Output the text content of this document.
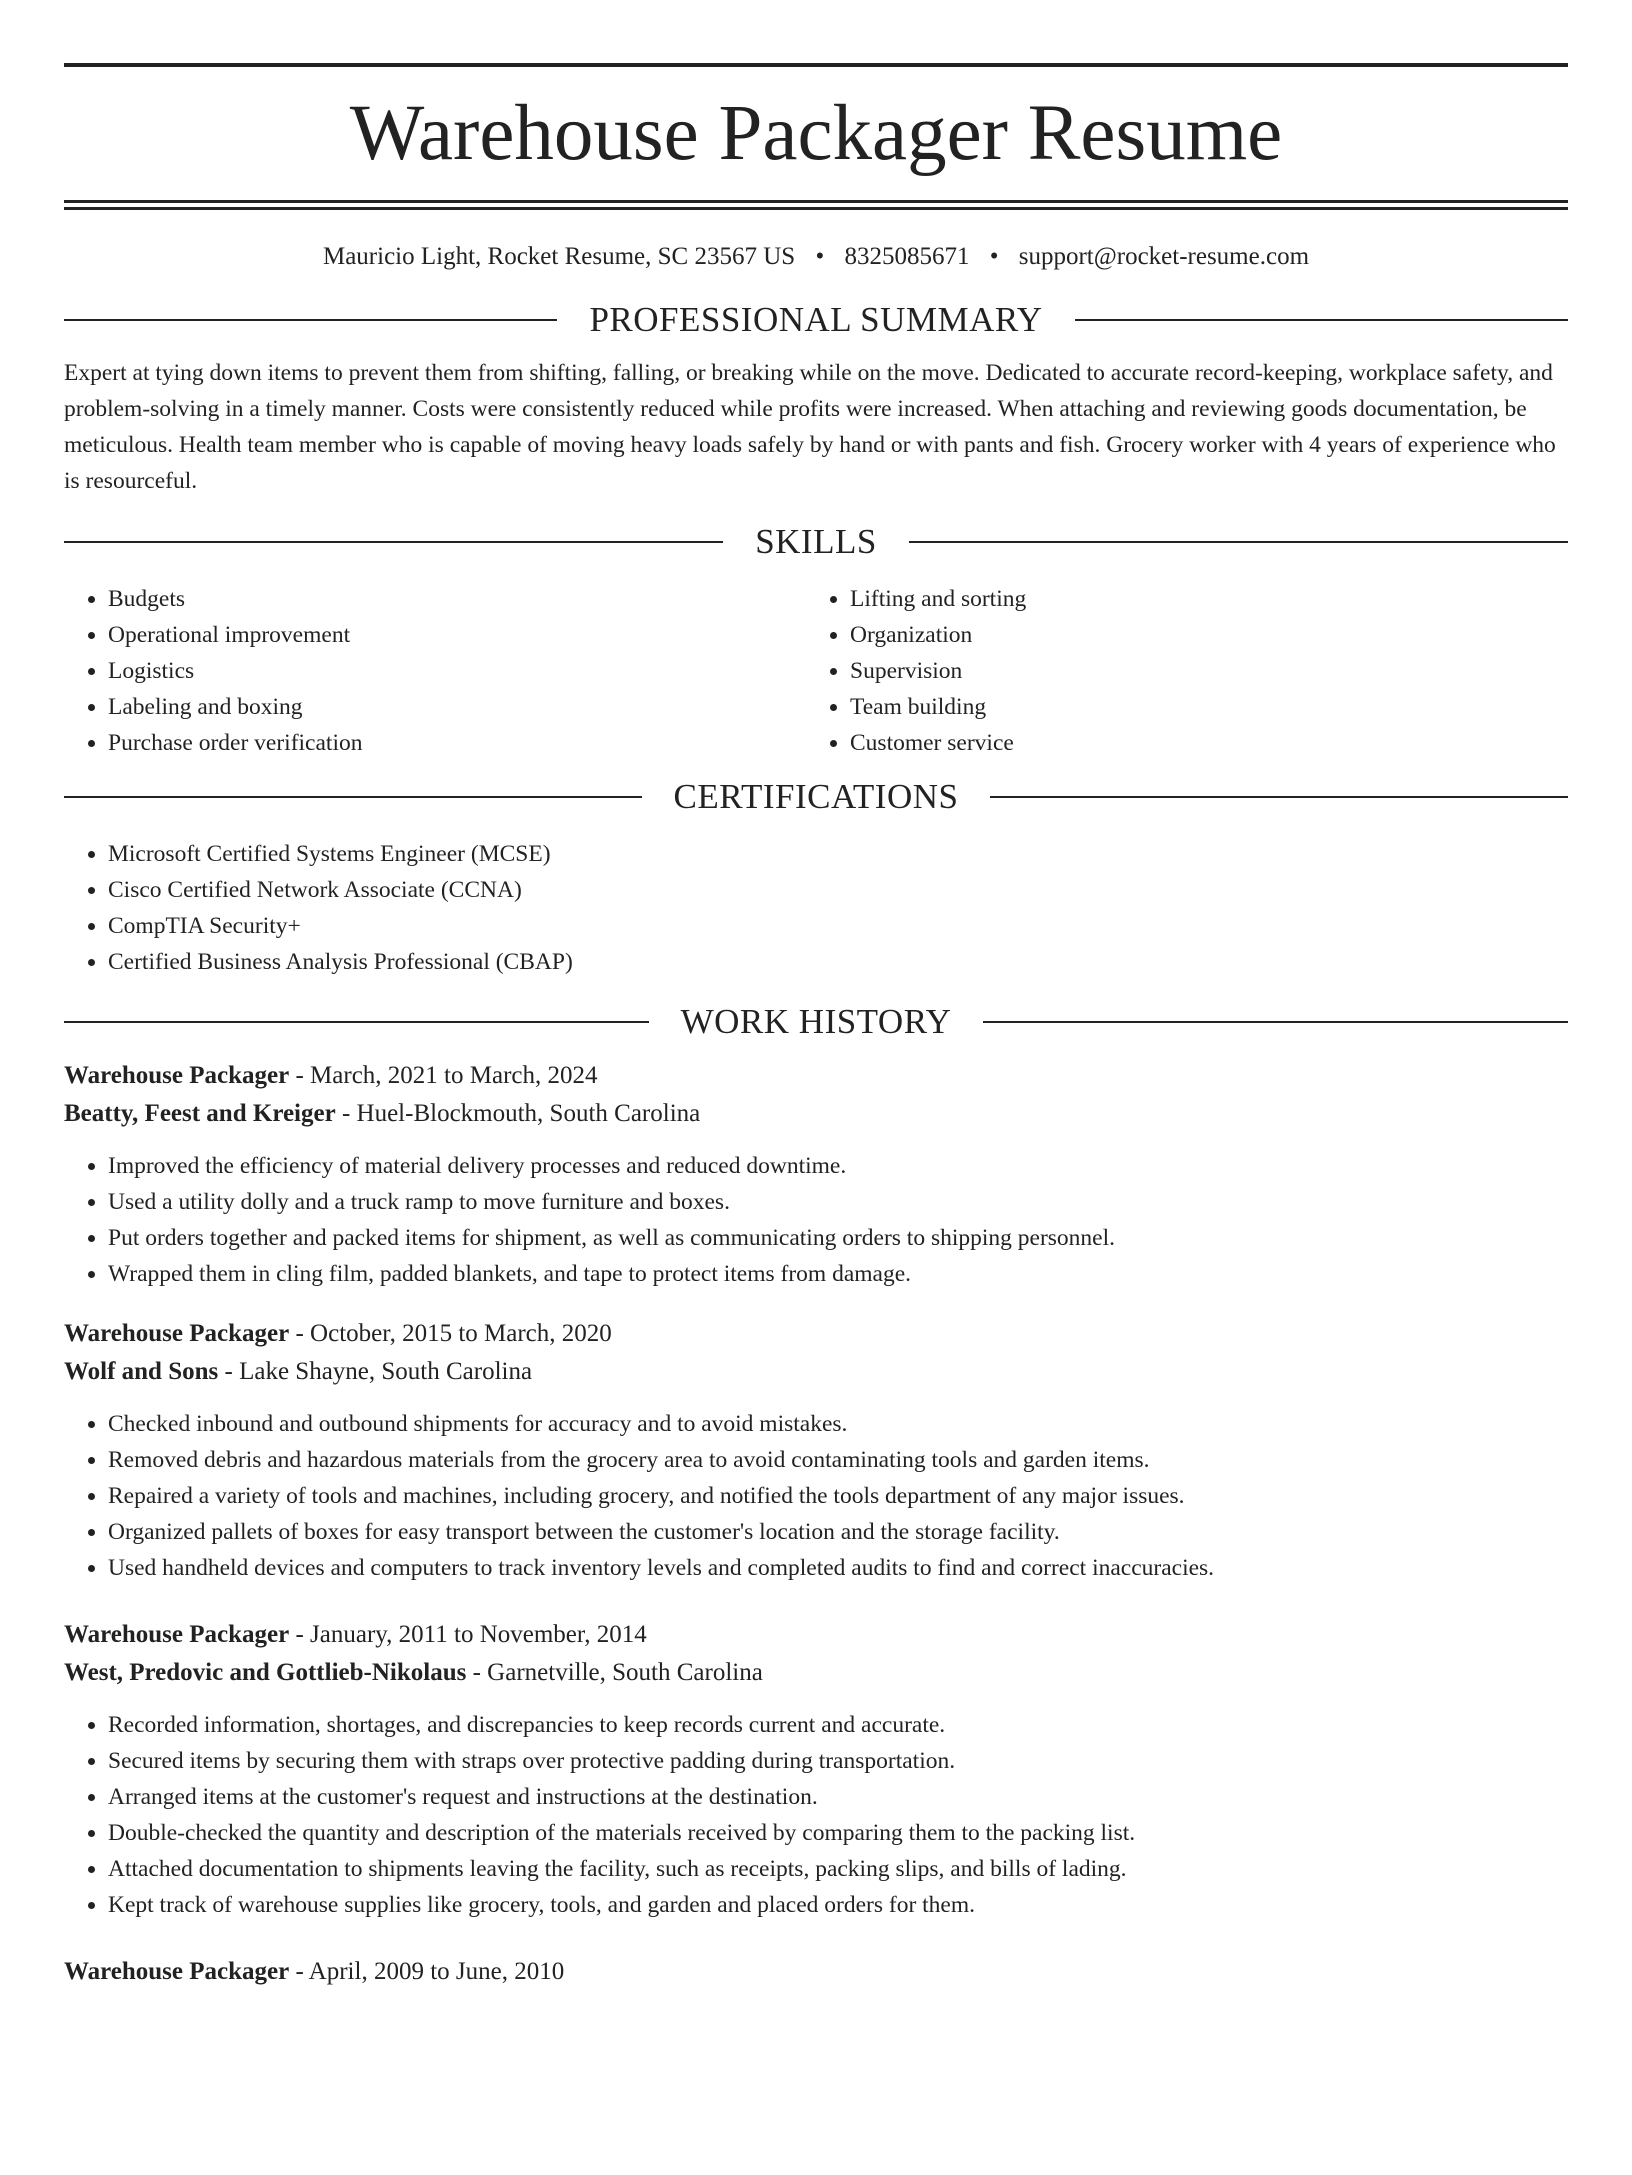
Warehouse Packager Resume
Mauricio Light, Rocket Resume, SC 23567 US • 8325085671 • support@rocket-resume.com
PROFESSIONAL SUMMARY

Expert at tying down items to prevent them from shifting, falling, or breaking while on the move. Dedicated to accurate record-keeping, workplace safety, and problem-solving in a timely manner. Costs were consistently reduced while profits were increased. When attaching and reviewing goods documentation, be meticulous. Health team member who is capable of moving heavy loads safely by hand or with pants and fish. Grocery worker with 4 years of experience who is resourceful.

SKILLS
• Budgets
• Operational improvement
• Logistics
• Labeling and boxing
• Purchase order verification
• Lifting and sorting
• Organization
• Supervision
• Team building
• Customer service
CERTIFICATIONS
• Microsoft Certified Systems Engineer (MCSE)
• Cisco Certified Network Associate (CCNA)
• CompTIA Security+
• Certified Business Analysis Professional (CBAP)
WORK HISTORY
Warehouse Packager - March, 2021 to March, 2024
Beatty, Feest and Kreiger - Huel-Blockmouth, South Carolina
• Improved the efficiency of material delivery processes and reduced downtime.
• Used a utility dolly and a truck ramp to move furniture and boxes.
• Put orders together and packed items for shipment, as well as communicating orders to shipping personnel.
• Wrapped them in cling film, padded blankets, and tape to protect items from damage.
Warehouse Packager - October, 2015 to March, 2020
Wolf and Sons - Lake Shayne, South Carolina
• Checked inbound and outbound shipments for accuracy and to avoid mistakes.
• Removed debris and hazardous materials from the grocery area to avoid contaminating tools and garden items.
• Repaired a variety of tools and machines, including grocery, and notified the tools department of any major issues.
• Organized pallets of boxes for easy transport between the customer's location and the storage facility.
• Used handheld devices and computers to track inventory levels and completed audits to find and correct inaccuracies.
Warehouse Packager - January, 2011 to November, 2014
West, Predovic and Gottlieb-Nikolaus - Garnetville, South Carolina
• Recorded information, shortages, and discrepancies to keep records current and accurate.
• Secured items by securing them with straps over protective padding during transportation.
• Arranged items at the customer's request and instructions at the destination.
• Double-checked the quantity and description of the materials received by comparing them to the packing list.
• Attached documentation to shipments leaving the facility, such as receipts, packing slips, and bills of lading.
• Kept track of warehouse supplies like grocery, tools, and garden and placed orders for them.
Warehouse Packager - April, 2009 to June, 2010
